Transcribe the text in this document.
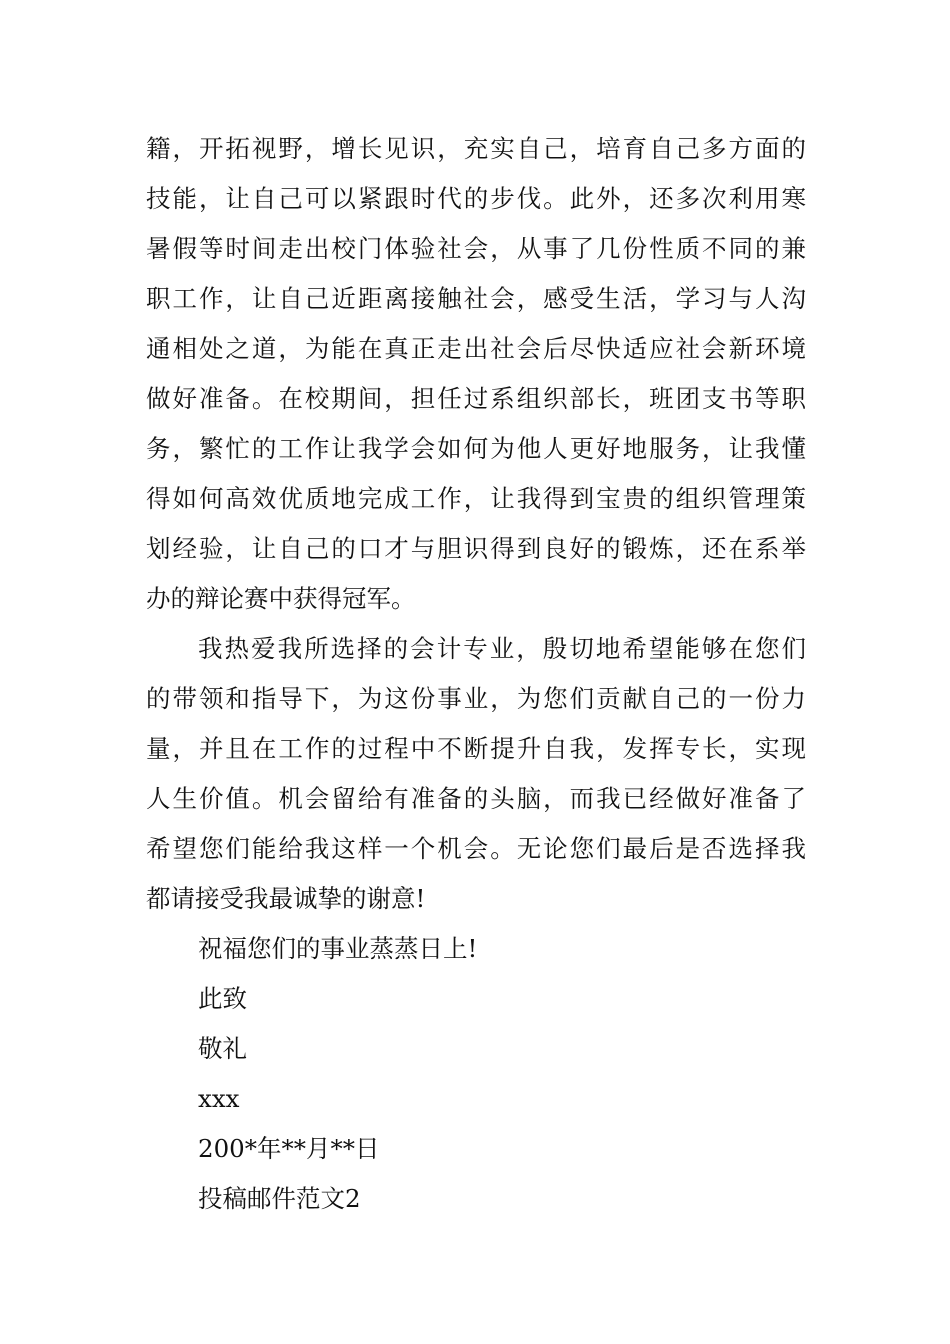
籍，开拓视野，增长见识，充实自己，培育自己多方面的
技能，让自己可以紧跟时代的步伐。此外，还多次利用寒
暑假等时间走出校门体验社会，从事了几份性质不同的兼
职工作，让自己近距离接触社会，感受生活，学习与人沟
通相处之道，为能在真正走出社会后尽快适应社会新环境
做好准备。在校期间，担任过系组织部长，班团支书等职
务，繁忙的工作让我学会如何为他人更好地服务，让我懂
得如何高效优质地完成工作，让我得到宝贵的组织管理策
划经验，让自己的口才与胆识得到良好的锻炼，还在系举
办的辩论赛中获得冠军。
我热爱我所选择的会计专业，殷切地希望能够在您们
的带领和指导下，为这份事业，为您们贡献自己的一份力
量，并且在工作的过程中不断提升自我，发挥专长，实现
人生价值。机会留给有准备的头脑，而我已经做好准备了
希望您们能给我这样一个机会。无论您们最后是否选择我
都请接受我最诚挚的谢意!
祝福您们的事业蒸蒸日上!
此致
敬礼
xxx
200*年**月**日
投稿邮件范文2
